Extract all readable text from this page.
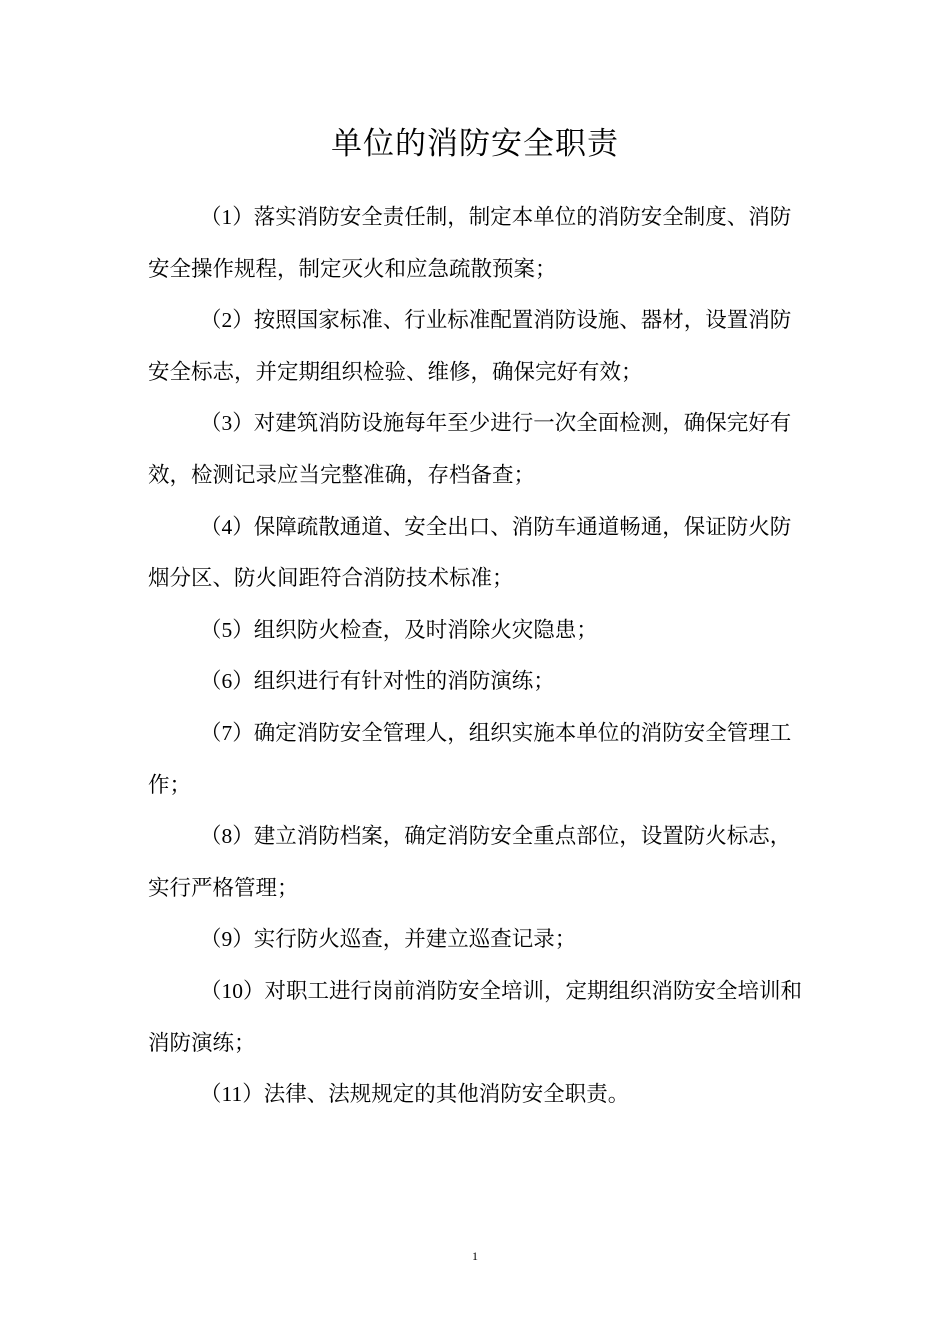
单位的消防安全职责

（1）落实消防安全责任制，制定本单位的消防安全制度、消防安全操作规程，制定灭火和应急疏散预案；

（2）按照国家标准、行业标准配置消防设施、器材，设置消防安全标志，并定期组织检验、维修，确保完好有效；

（3）对建筑消防设施每年至少进行一次全面检测，确保完好有效，检测记录应当完整准确，存档备查；

（4）保障疏散通道、安全出口、消防车通道畅通，保证防火防烟分区、防火间距符合消防技术标准；

（5）组织防火检查，及时消除火灾隐患；

（6）组织进行有针对性的消防演练；

（7）确定消防安全管理人，组织实施本单位的消防安全管理工作；

（8）建立消防档案，确定消防安全重点部位，设置防火标志，实行严格管理；

（9）实行防火巡查，并建立巡查记录；

（10）对职工进行岗前消防安全培训，定期组织消防安全培训和消防演练；

（11）法律、法规规定的其他消防安全职责。

1
